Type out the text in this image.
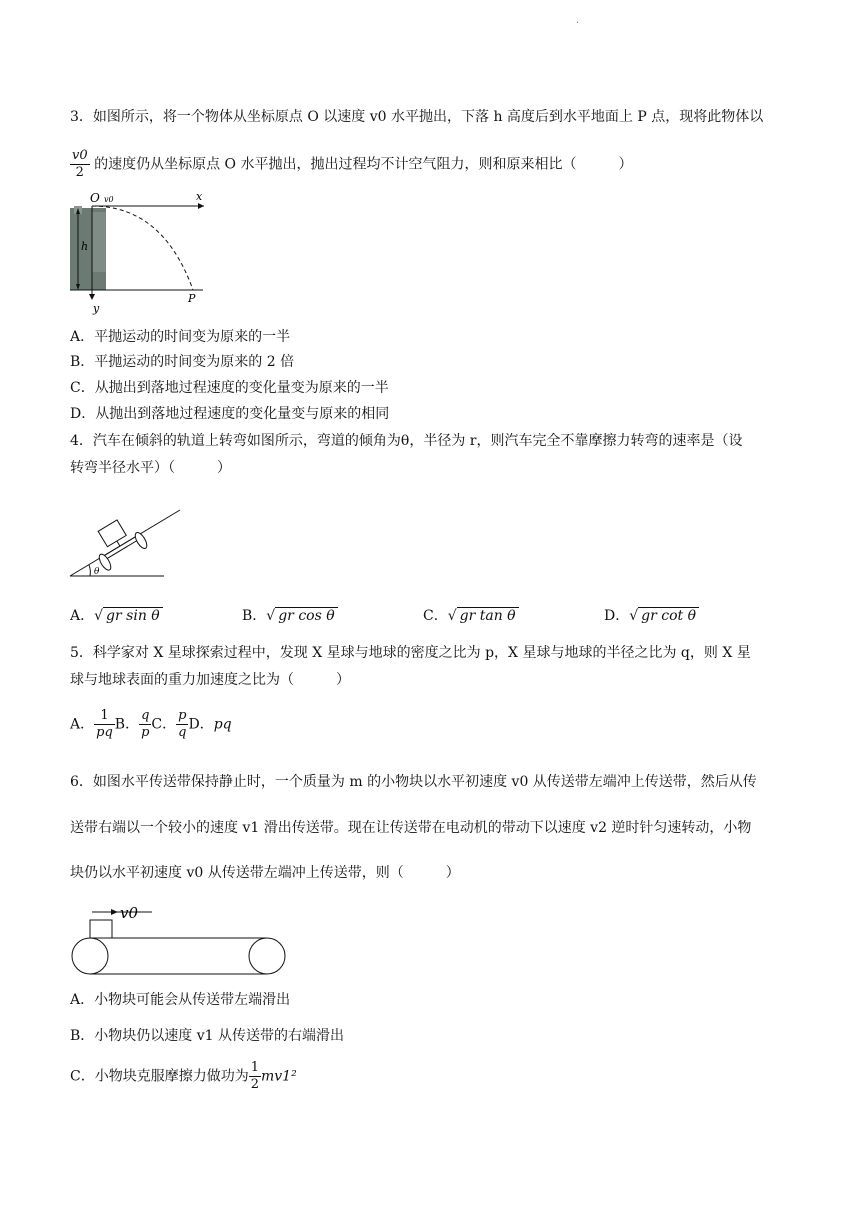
.
3．如图所示，将一个物体从坐标原点 O 以速度 v0 水平抛出，下落 h 高度后到水平地面上 P 点，现将此物体以
$\frac{v0}{2}$ 的速度仍从坐标原点 O 水平抛出，抛出过程均不计空气阻力，则和原来相比（　　　）
O v0	x
h
P
y
A．平抛运动的时间变为原来的一半
B．平抛运动的时间变为原来的 2 倍
C．从抛出到落地过程速度的变化量变为原来的一半
D．从抛出到落地过程速度的变化量变与原来的相同
4．汽车在倾斜的轨道上转弯如图所示，弯道的倾角为θ，半径为 r，则汽车完全不靠摩擦力转弯的速率是（设
转弯半径水平）（　　　）
θ
A．√ gr sin θ	B．√ gr cos θ	C．√ gr tan θ	D．√ gr cot θ
5．科学家对 X 星球探索过程中，发现 X 星球与地球的密度之比为 p，X 星球与地球的半径之比为 q，则 X 星
球与地球表面的重力加速度之比为（　　　）
A． $\frac{1}{pq}$ B． $\frac{q}{p}$ C． $\frac{p}{q}$ D．pq
6．如图水平传送带保持静止时，一个质量为 m 的小物块以水平初速度 v0 从传送带左端冲上传送带，然后从传
送带右端以一个较小的速度 v1 滑出传送带。现在让传送带在电动机的带动下以速度 v2 逆时针匀速转动，小物
块仍以水平初速度 v0 从传送带左端冲上传送带，则（　　　）
v0
A．小物块可能会从传送带左端滑出
B．小物块仍以速度 v1 从传送带的右端滑出
C．小物块克服摩擦力做功为 $\frac{1}{2} mv1^2$
